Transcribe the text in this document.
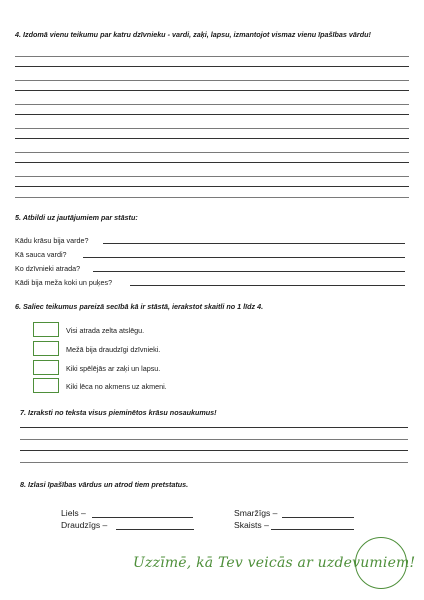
4. Izdomā vienu teikumu par katru dzīvnieku - vardi, zaķi, lapsu, izmantojot vismaz vienu īpašības vārdu!
5. Atbildi uz jautājumiem par stāstu:
Kādu krāsu bija varde?
Kā sauca vardi?
Ko dzīvnieki atrada?
Kādi bija meža koki un puķes?
6. Saliec teikumus pareizā secībā kā ir stāstā, ierakstot skaitli no 1 līdz 4.
Visi atrada zelta atslēgu.
Mežā bija draudzīgi dzīvnieki.
Kiki spēlējās ar zaķi un lapsu.
Kiki lēca no akmens uz akmeni.
7. Izraksti no teksta visus pieminētos krāsu nosaukumus!
8. Izlasi īpašības vārdus un atrod tiem pretstatus.
Liels –
Draudzīgs –
Smaržīgs –
Skaists –
Uzzīmē, kā Tev veicās ar uzdevumiem!
